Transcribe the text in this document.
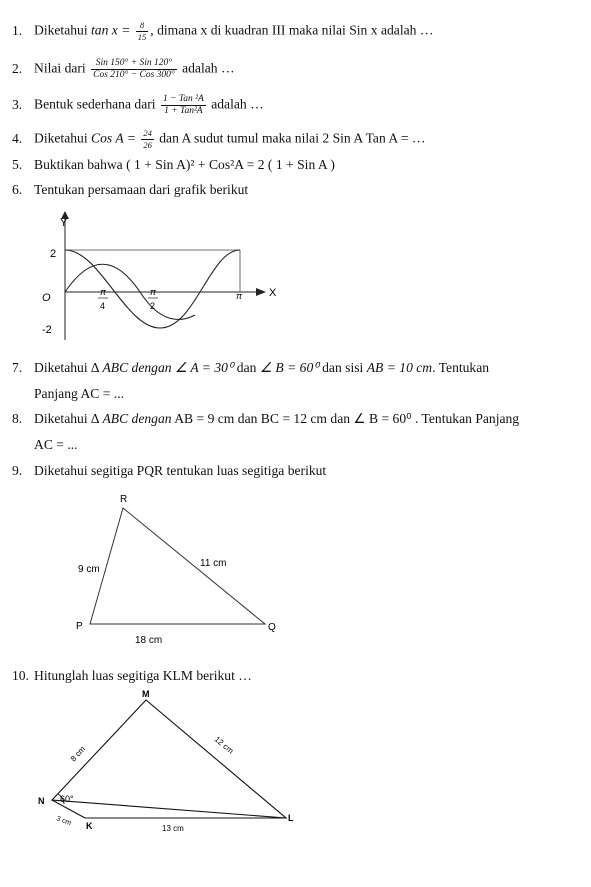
1. Diketahui $\tan x = \frac{8}{15}$ , dimana x di kuadran III maka nilai Sin x adalah …
2. Nilai dari $\frac{\text{Sin 150° + Sin 120°}}{\text{Cos 210° − Cos 300°}}$ adalah …
3. Bentuk sederhana dari $\frac{\text{1 − Tan ²A}}{\text{1 + Tan²A}}$ adalah …
4. Diketahui Cos $A = \frac{24}{26}$ dan A sudut tumul maka nilai 2 Sin A Tan A = …
5. Buktikan bahwa ( 1 + Sin A)² + Cos²A = 2 ( 1 + Sin A )
6. Tentukan persamaan dari grafik berikut
Y
X
O
2
-2
π
4
π
2
π
7. Diketahui ∆ ABC dengan ∠ A = 30⁰ dan ∠ B = 60⁰ dan sisi AB = 10 cm. Tentukan
Panjang AC = ...
8. Diketahui ∆ ABC dengan AB = 9 cm dan BC = 12 cm dan ∠ B = 60⁰ . Tentukan Panjang
AC = ...
9. Diketahui segitiga PQR tentukan luas segitiga berikut
R
P	Q
9 cm
11 cm
18 cm
10. Hitunglah luas segitiga KLM berikut …
M
N
K
L
8 cm	12 cm
13 cm
3 cm
60°
